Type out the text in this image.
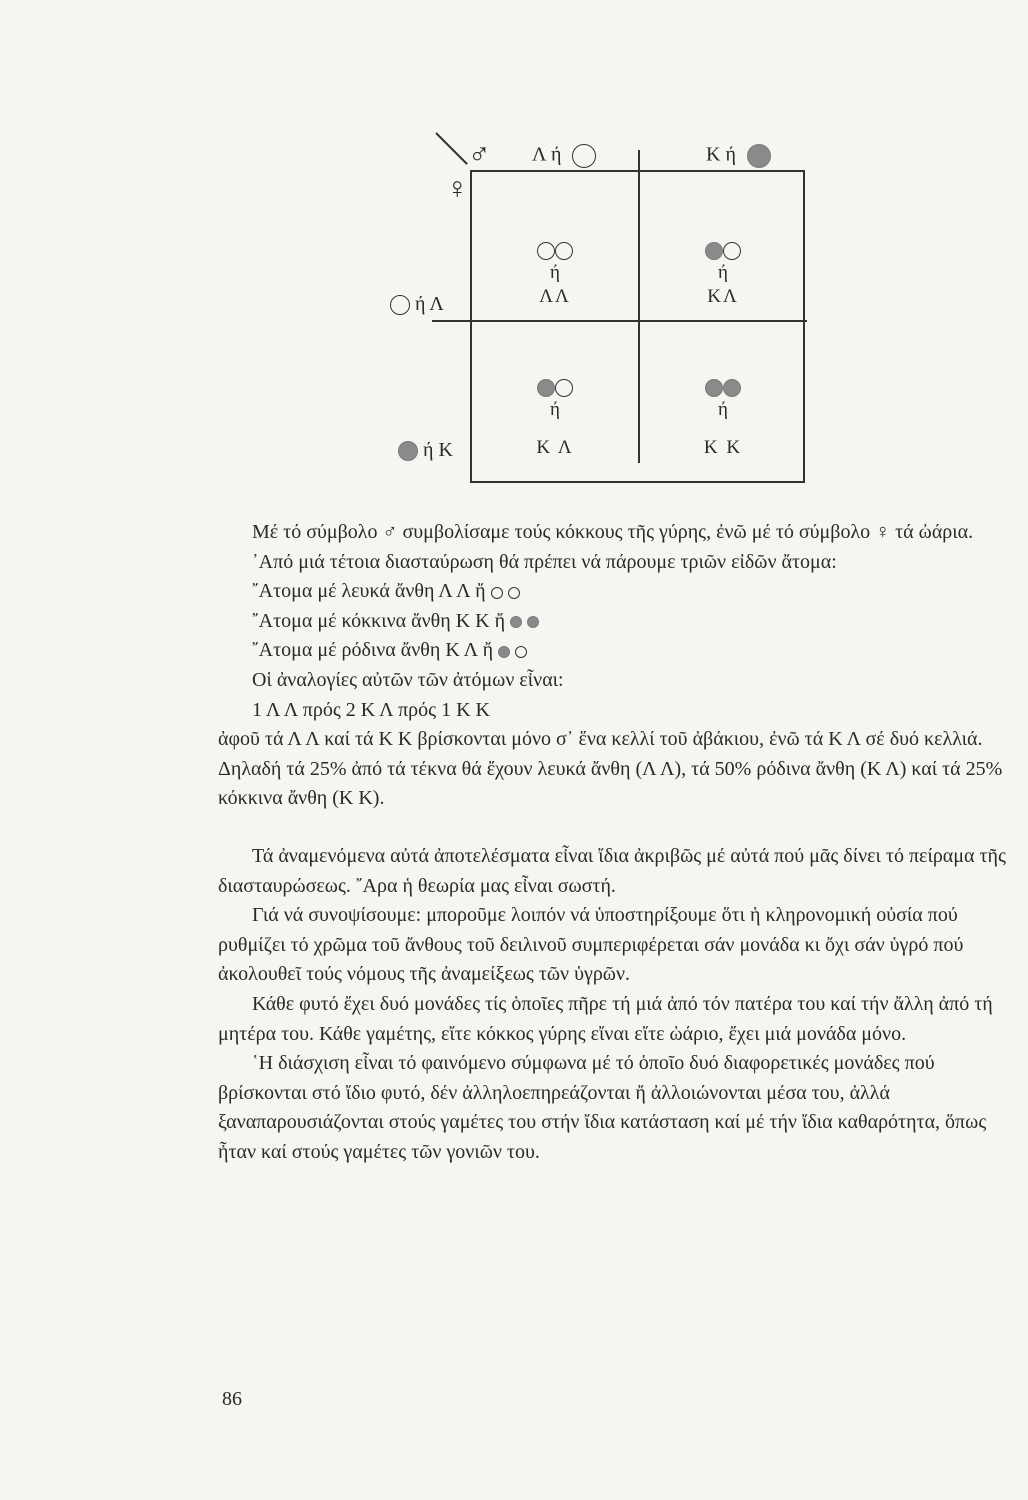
♂
♀
Λ ή	Κ ή
ή Λ
ή Κ
ή
ΛΛ
ή
ΚΛ
ή
Κ Λ
ή
Κ Κ

Μέ τό σύμβολο ♂ συμβολίσαμε τούς κόκκους τῆς γύρης, ἐνῶ μέ τό σύμβολο ♀ τά ὠάρια.

᾿Από μιά τέτοια διασταύρωση θά πρέπει νά πάρουμε τριῶν εἰδῶν ἄτομα:

῎Ατομα μέ λευκά ἄνθη Λ Λ ἤ

῎Ατομα μέ κόκκινα ἄνθη Κ Κ ἤ

῎Ατομα μέ ρόδινα ἄνθη Κ Λ ἤ

Οἱ ἀναλογίες αὐτῶν τῶν ἀτόμων εἶναι:

1 Λ Λ πρός 2 Κ Λ πρός 1 Κ Κ

ἀφοῦ τά Λ Λ καί τά Κ Κ βρίσκονται μόνο σ᾿ ἕνα κελλί τοῦ ἀβάκιου, ἐνῶ τά Κ Λ σέ δυό κελλιά. Δηλαδή τά 25% ἀπό τά τέκνα θά ἔχουν λευκά ἄνθη (Λ Λ), τά 50% ρόδινα ἄνθη (Κ Λ) καί τά 25% κόκκινα ἄνθη (Κ Κ).

Τά ἀναμενόμενα αὐτά ἀποτελέσματα εἶναι ἴδια ἀκριβῶς μέ αὐτά πού μᾶς δίνει τό πείραμα τῆς διασταυρώσεως. ῎Αρα ἡ θεωρία μας εἶναι σωστή.

Γιά νά συνοψίσουμε: μποροῦμε λοιπόν νά ὑποστηρίξουμε ὅτι ἡ κληρονομική οὐσία πού ρυθμίζει τό χρῶμα τοῦ ἄνθους τοῦ δειλινοῦ συμπεριφέρεται σάν μονάδα κι ὄχι σάν ὑγρό πού ἀκολουθεῖ τούς νόμους τῆς ἀναμείξεως τῶν ὑγρῶν.

Κάθε φυτό ἔχει δυό μονάδες τίς ὁποῖες πῆρε τή μιά ἀπό τόν πατέρα του καί τήν ἄλλη ἀπό τή μητέρα του. Κάθε γαμέτης, εἴτε κόκκος γύρης εἴναι εἴτε ὠάριο, ἔχει μιά μονάδα μόνο.

῾Η διάσχιση εἶναι τό φαινόμενο σύμφωνα μέ τό ὁποῖο δυό διαφορετικές μονάδες πού βρίσκονται στό ἴδιο φυτό, δέν ἀλληλοεπηρεάζονται ἤ ἀλλοιώνονται μέσα του, ἀλλά ξαναπαρουσιάζονται στούς γαμέτες του στήν ἴδια κατάσταση καί μέ τήν ἴδια καθαρότητα, ὅπως ἦταν καί στούς γαμέτες τῶν γονιῶν του.

86
